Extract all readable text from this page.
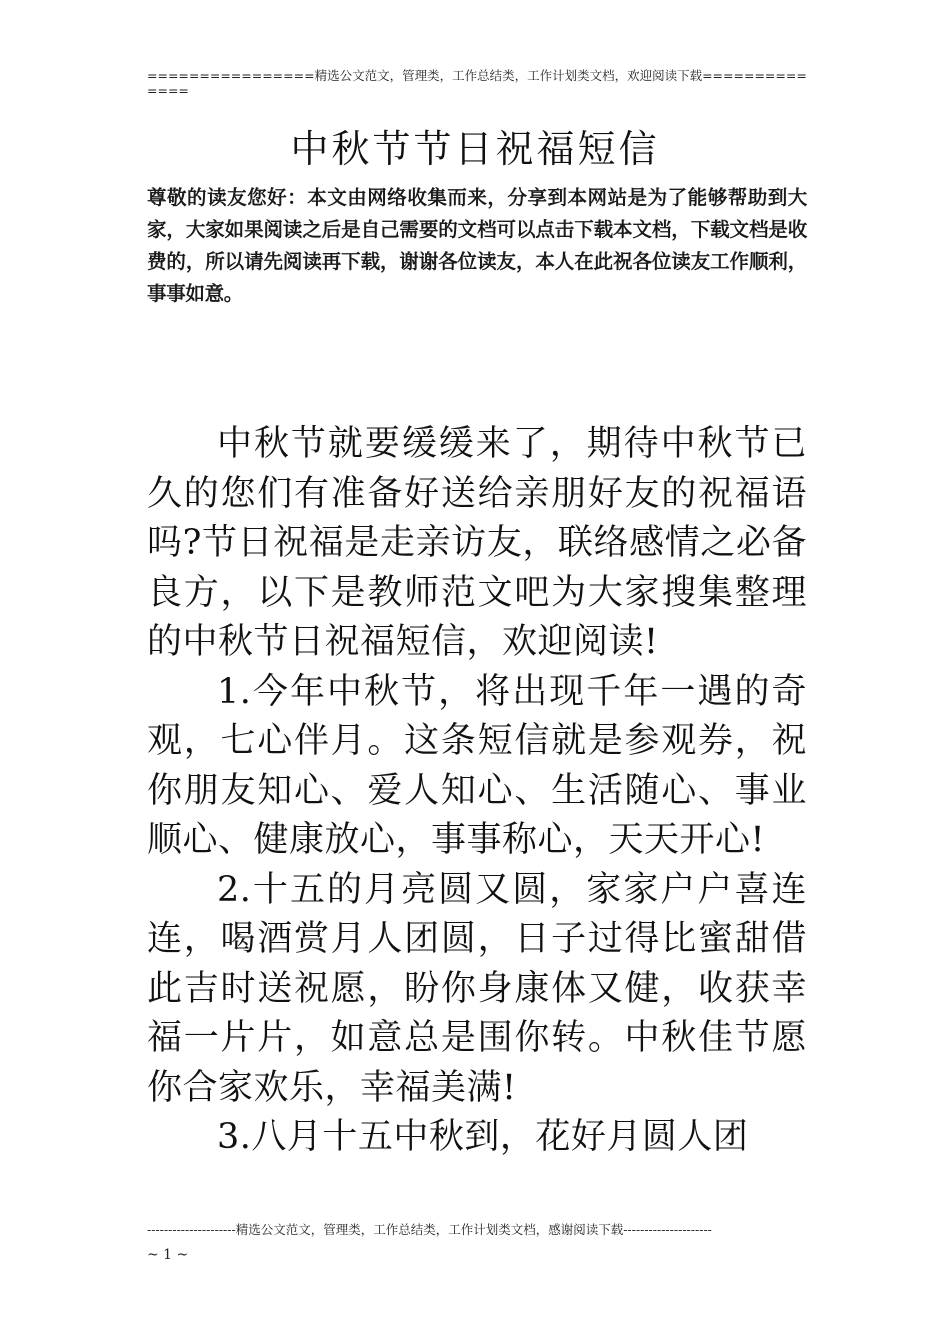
================精选公文范文，管理类，工作总结类，工作计划类文档，欢迎阅读下载==============
中秋节节日祝福短信
尊敬的读友您好：本文由网络收集而来，分享到本网站是为了能够帮助到大家，大家如果阅读之后是自己需要的文档可以点击下载本文档，下载文档是收费的，所以请先阅读再下载，谢谢各位读友，本人在此祝各位读友工作顺利，事事如意。

中秋节就要缓缓来了，期待中秋节已久的您们有准备好送给亲朋好友的祝福语吗?节日祝福是走亲访友，联络感情之必备良方，以下是教师范文吧为大家搜集整理的中秋节日祝福短信，欢迎阅读!

1.今年中秋节，将出现千年一遇的奇观，七心伴月。这条短信就是参观券，祝你朋友知心、爱人知心、生活随心、事业顺心、健康放心，事事称心，天天开心!

2.十五的月亮圆又圆，家家户户喜连连，喝酒赏月人团圆，日子过得比蜜甜借此吉时送祝愿，盼你身康体又健，收获幸福一片片，如意总是围你转。中秋佳节愿你合家欢乐，幸福美满!

3.八月十五中秋到，花好月圆人团

---------------------精选公文范文，管理类，工作总结类，工作计划类文档，感谢阅读下载---------------------
~ 1 ~
